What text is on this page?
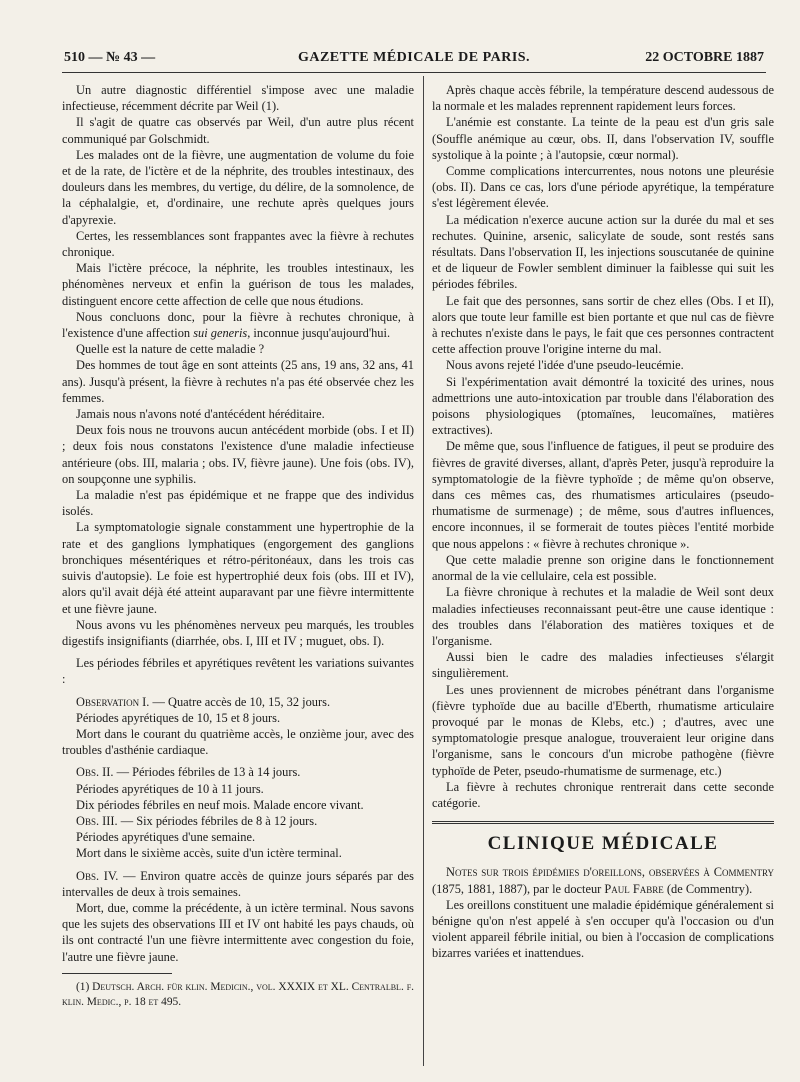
510 — № 43 —	GAZETTE MÉDICALE DE PARIS.	22 OCTOBRE 1887

Un autre diagnostic différentiel s'impose avec une maladie infectieuse, récemment décrite par Weil (1).

Il s'agit de quatre cas observés par Weil, d'un autre plus récent communiqué par Golschmidt.

Les malades ont de la fièvre, une augmentation de volume du foie et de la rate, de l'ictère et de la néphrite, des troubles intestinaux, des douleurs dans les membres, du vertige, du délire, de la somnolence, de la céphalalgie, et, d'ordinaire, une rechute après quelques jours d'apyrexie.

Certes, les ressemblances sont frappantes avec la fièvre à rechutes chronique.

Mais l'ictère précoce, la néphrite, les troubles intestinaux, les phénomènes nerveux et enfin la guérison de tous les malades, distinguent encore cette affection de celle que nous étudions.

Nous concluons donc, pour la fièvre à rechutes chronique, à l'existence d'une affection sui generis, inconnue jusqu'aujourd'hui.

Quelle est la nature de cette maladie ?

Des hommes de tout âge en sont atteints (25 ans, 19 ans, 32 ans, 41 ans). Jusqu'à présent, la fièvre à rechutes n'a pas été observée chez les femmes.

Jamais nous n'avons noté d'antécédent héréditaire.

Deux fois nous ne trouvons aucun antécédent morbide (obs. I et II) ; deux fois nous constatons l'existence d'une maladie infectieuse antérieure (obs. III, malaria ; obs. IV, fièvre jaune). Une fois (obs. IV), on soupçonne une syphilis.

La maladie n'est pas épidémique et ne frappe que des individus isolés.

La symptomatologie signale constamment une hypertrophie de la rate et des ganglions lymphatiques (engorgement des ganglions bronchiques mésentériques et rétro-péritonéaux, dans les trois cas suivis d'autopsie). Le foie est hypertrophié deux fois (obs. III et IV), alors qu'il avait déjà été atteint auparavant par une fièvre intermittente et une fièvre jaune.

Nous avons vu les phénomènes nerveux peu marqués, les troubles digestifs insignifiants (diarrhée, obs. I, III et IV ; muguet, obs. I).

Les périodes fébriles et apyrétiques revêtent les variations suivantes :

Observation I. — Quatre accès de 10, 15, 32 jours.

Périodes apyrétiques de 10, 15 et 8 jours.

Mort dans le courant du quatrième accès, le onzième jour, avec des troubles d'asthénie cardiaque.

Obs. II. — Périodes fébriles de 13 à 14 jours.

Périodes apyrétiques de 10 à 11 jours.

Dix périodes fébriles en neuf mois. Malade encore vivant.

Obs. III. — Six périodes fébriles de 8 à 12 jours.

Périodes apyrétiques d'une semaine.

Mort dans le sixième accès, suite d'un ictère terminal.

Obs. IV. — Environ quatre accès de quinze jours séparés par des intervalles de deux à trois semaines.

Mort, due, comme la précédente, à un ictère terminal. Nous savons que les sujets des observations III et IV ont habité les pays chauds, où ils ont contracté l'un une fièvre intermittente avec congestion du foie, l'autre une fièvre jaune.

(1) Deutsch. Arch. für klin. Medicin., vol. XXXIX et XL. Centralbl. f. klin. Medic., p. 18 et 495.

Après chaque accès fébrile, la température descend audessous de la normale et les malades reprennent rapidement leurs forces.

L'anémie est constante. La teinte de la peau est d'un gris sale (Souffle anémique au cœur, obs. II, dans l'observation IV, souffle systolique à la pointe ; à l'autopsie, cœur normal).

Comme complications intercurrentes, nous notons une pleurésie (obs. II). Dans ce cas, lors d'une période apyrétique, la température s'est légèrement élevée.

La médication n'exerce aucune action sur la durée du mal et ses rechutes. Quinine, arsenic, salicylate de soude, sont restés sans résultats. Dans l'observation II, les injections souscutanée de quinine et de liqueur de Fowler semblent diminuer la faiblesse qui suit les périodes fébriles.

Le fait que des personnes, sans sortir de chez elles (Obs. I et II), alors que toute leur famille est bien portante et que nul cas de fièvre à rechutes n'existe dans le pays, le fait que ces personnes contractent cette affection prouve l'origine interne du mal.

Nous avons rejeté l'idée d'une pseudo-leucémie.

Si l'expérimentation avait démontré la toxicité des urines, nous admettrions une auto-intoxication par trouble dans l'élaboration des poisons physiologiques (ptomaïnes, leucomaïnes, matières extractives).

De même que, sous l'influence de fatigues, il peut se produire des fièvres de gravité diverses, allant, d'après Peter, jusqu'à reproduire la symptomatologie de la fièvre typhoïde ; de même qu'on observe, dans ces mêmes cas, des rhumatismes articulaires (pseudo-rhumatisme de surmenage) ; de même, sous d'autres influences, encore inconnues, il se formerait de toutes pièces l'entité morbide que nous appelons : « fièvre à rechutes chronique ».

Que cette maladie prenne son origine dans le fonctionnement anormal de la vie cellulaire, cela est possible.

La fièvre chronique à rechutes et la maladie de Weil sont deux maladies infectieuses reconnaissant peut-être une cause identique : des troubles dans l'élaboration des matières toxiques et de l'organisme.

Aussi bien le cadre des maladies infectieuses s'élargit singulièrement.

Les unes proviennent de microbes pénétrant dans l'organisme (fièvre typhoïde due au bacille d'Eberth, rhumatisme articulaire provoqué par le monas de Klebs, etc.) ; d'autres, avec une symptomatologie presque analogue, trouveraient leur origine dans l'organisme, sans le concours d'un microbe pathogène (fièvre typhoïde de Peter, pseudo-rhumatisme de surmenage, etc.)

La fièvre à rechutes chronique rentrerait dans cette seconde catégorie.

CLINIQUE MÉDICALE

Notes sur trois épidémies d'oreillons, observées à Commentry (1875, 1881, 1887), par le docteur Paul Fabre (de Commentry).

Les oreillons constituent une maladie épidémique généralement si bénigne qu'on n'est appelé à s'en occuper qu'à l'occasion ou d'un violent appareil fébrile initial, ou bien à l'occasion de complications bizarres variées et inattendues.
